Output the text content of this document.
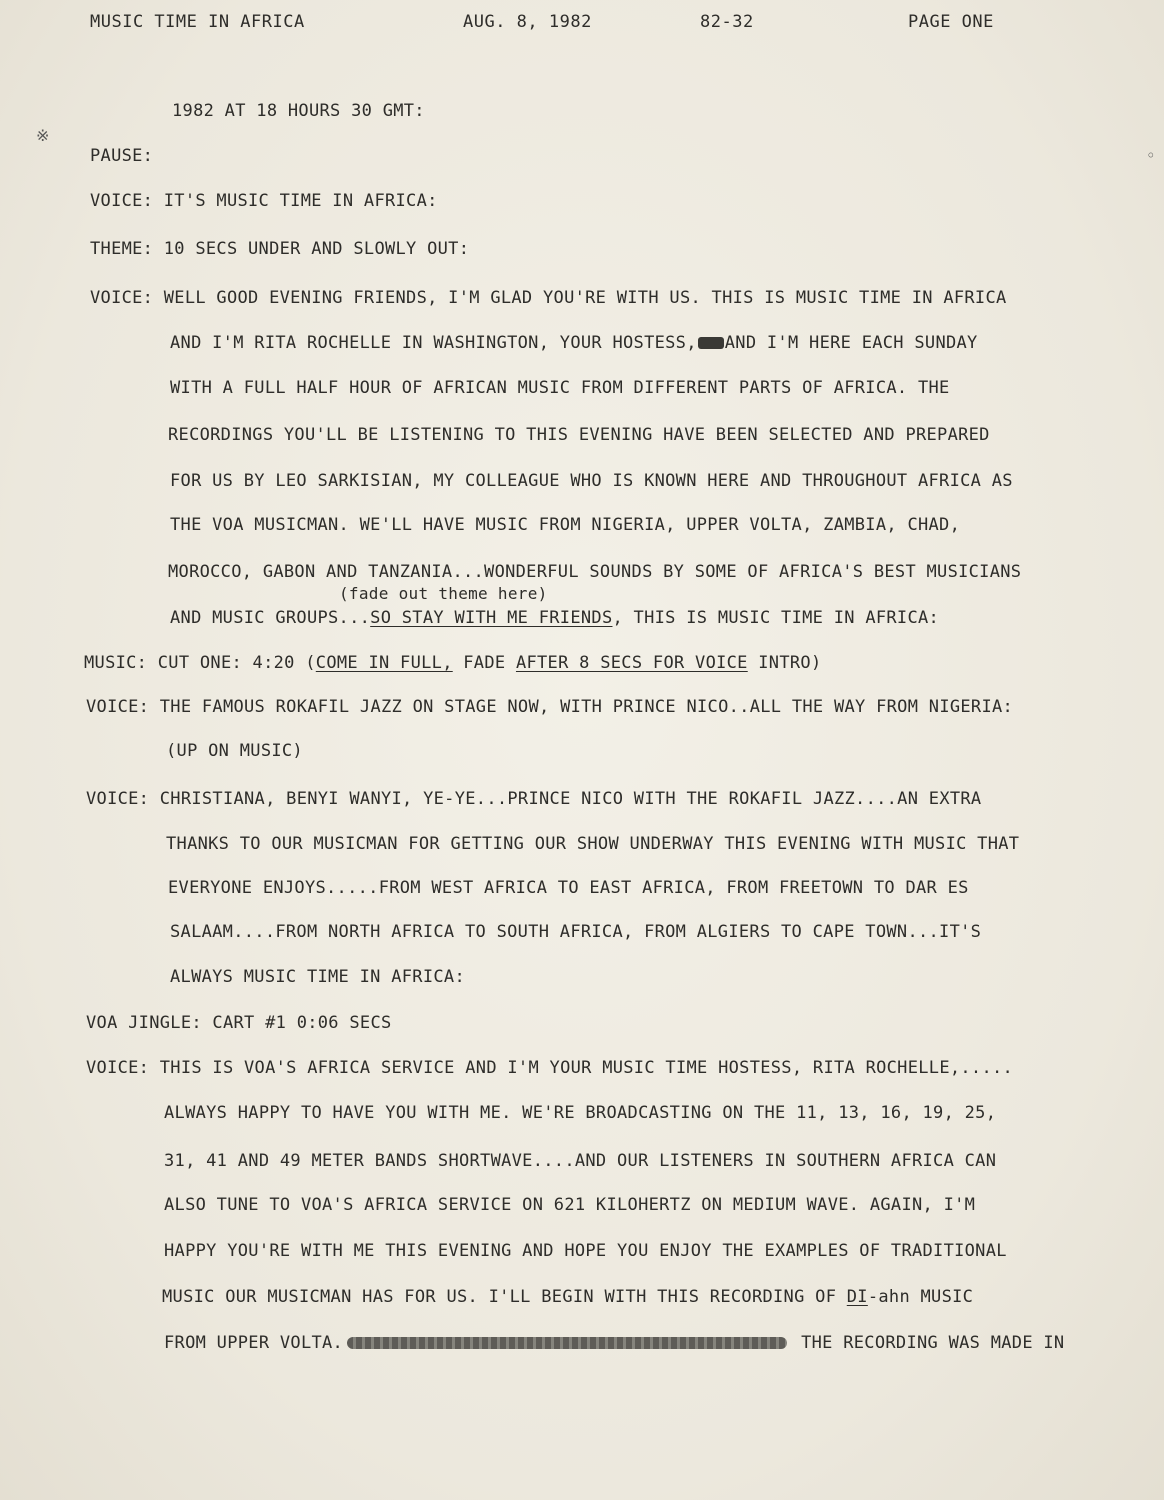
MUSIC TIME IN AFRICA	AUG. 8, 1982	82-32	PAGE ONE
※
◦
1982 AT 18 HOURS 30 GMT:
PAUSE:
VOICE: IT'S MUSIC TIME IN AFRICA:
THEME: 10 SECS UNDER AND SLOWLY OUT:
VOICE: WELL GOOD EVENING FRIENDS, I'M GLAD YOU'RE WITH US. THIS IS MUSIC TIME IN AFRICA
AND I'M RITA ROCHELLE IN WASHINGTON, YOUR HOSTESS, AND I'M HERE EACH SUNDAY
WITH A FULL HALF HOUR OF AFRICAN MUSIC FROM DIFFERENT PARTS OF AFRICA. THE
RECORDINGS YOU'LL BE LISTENING TO THIS EVENING HAVE BEEN SELECTED AND PREPARED
FOR US BY LEO SARKISIAN, MY COLLEAGUE WHO IS KNOWN HERE AND THROUGHOUT AFRICA AS
THE VOA MUSICMAN. WE'LL HAVE MUSIC FROM NIGERIA, UPPER VOLTA, ZAMBIA, CHAD,
MOROCCO, GABON AND TANZANIA...WONDERFUL SOUNDS BY SOME OF AFRICA'S BEST MUSICIANS
(fade out theme here)
AND MUSIC GROUPS...SO STAY WITH ME FRIENDS, THIS IS MUSIC TIME IN AFRICA:
MUSIC: CUT ONE: 4:20 (COME IN FULL, FADE AFTER 8 SECS FOR VOICE INTRO)
VOICE: THE FAMOUS ROKAFIL JAZZ ON STAGE NOW, WITH PRINCE NICO..ALL THE WAY FROM NIGERIA:
(UP ON MUSIC)
VOICE: CHRISTIANA, BENYI WANYI, YE-YE...PRINCE NICO WITH THE ROKAFIL JAZZ....AN EXTRA
THANKS TO OUR MUSICMAN FOR GETTING OUR SHOW UNDERWAY THIS EVENING WITH MUSIC THAT
EVERYONE ENJOYS.....FROM WEST AFRICA TO EAST AFRICA, FROM FREETOWN TO DAR ES
SALAAM....FROM NORTH AFRICA TO SOUTH AFRICA, FROM ALGIERS TO CAPE TOWN...IT'S
ALWAYS MUSIC TIME IN AFRICA:
VOA JINGLE: CART #1 0:06 SECS
VOICE: THIS IS VOA'S AFRICA SERVICE AND I'M YOUR MUSIC TIME HOSTESS, RITA ROCHELLE,.....
ALWAYS HAPPY TO HAVE YOU WITH ME. WE'RE BROADCASTING ON THE 11, 13, 16, 19, 25,
31, 41 AND 49 METER BANDS SHORTWAVE....AND OUR LISTENERS IN SOUTHERN AFRICA CAN
ALSO TUNE TO VOA'S AFRICA SERVICE ON 621 KILOHERTZ ON MEDIUM WAVE. AGAIN, I'M
HAPPY YOU'RE WITH ME THIS EVENING AND HOPE YOU ENJOY THE EXAMPLES OF TRADITIONAL
MUSIC OUR MUSICMAN HAS FOR US. I'LL BEGIN WITH THIS RECORDING OF DI-ahn MUSIC
FROM UPPER VOLTA.	THE RECORDING WAS MADE IN
